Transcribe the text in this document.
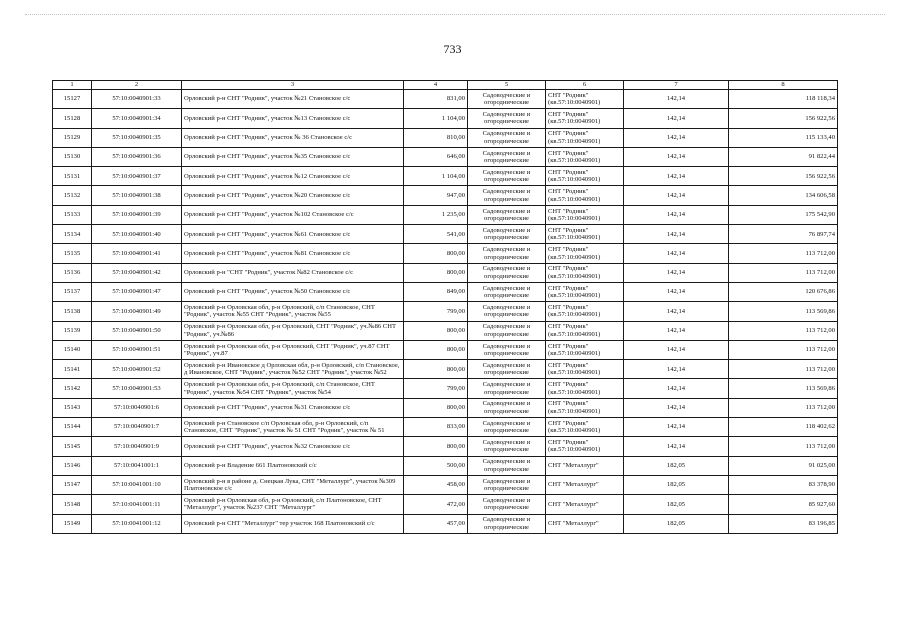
733
1	2	3	4	5	6	7	8
15127	57:10:0040901:33	Орловский р-н СНТ "Родник", участок №21 Становское с/с	831,00	Садоводческие и огороднические	СНТ "Родник" (кв.57:10:0040901)	142,14	118 118,34
15128	57:10:0040901:34	Орловский р-н СНТ "Родник", участок №13 Становское с/с	1 104,00	Садоводческие и огороднические	СНТ "Родник" (кв.57:10:0040901)	142,14	156 922,56
15129	57:10:0040901:35	Орловский р-н СНТ "Родник", участок № 36 Становское с/с	810,00	Садоводческие и огороднические	СНТ "Родник" (кв.57:10:0040901)	142,14	115 133,40
15130	57:10:0040901:36	Орловский р-н СНТ "Родник", участок №35 Становское с/с	646,00	Садоводческие и огороднические	СНТ "Родник" (кв.57:10:0040901)	142,14	91 822,44
15131	57:10:0040901:37	Орловский р-н СНТ "Родник", участок №12 Становское с/с	1 104,00	Садоводческие и огороднические	СНТ "Родник" (кв.57:10:0040901)	142,14	156 922,56
15132	57:10:0040901:38	Орловский р-н СНТ "Родник", участок №20 Становское с/с	947,00	Садоводческие и огороднические	СНТ "Родник" (кв.57:10:0040901)	142,14	134 606,58
15133	57:10:0040901:39	Орловский р-н СНТ "Родник", участок №102 Становское с/с	1 235,00	Садоводческие и огороднические	СНТ "Родник" (кв.57:10:0040901)	142,14	175 542,90
15134	57:10:0040901:40	Орловский р-н СНТ "Родник", участок №61 Становское с/с	541,00	Садоводческие и огороднические	СНТ "Родник" (кв.57:10:0040901)	142,14	76 897,74
15135	57:10:0040901:41	Орловский р-н СНТ "Родник", участок №81 Становское с/с	800,00	Садоводческие и огороднические	СНТ "Родник" (кв.57:10:0040901)	142,14	113 712,00
15136	57:10:0040901:42	Орловский р-н "СНТ "Родник", участок №82 Становское с/с	800,00	Садоводческие и огороднические	СНТ "Родник" (кв.57:10:0040901)	142,14	113 712,00
15137	57:10:0040901:47	Орловский р-н СНТ "Родник", участок №50 Становское с/с	849,00	Садоводческие и огороднические	СНТ "Родник" (кв.57:10:0040901)	142,14	120 676,86
15138	57:10:0040901:49	Орловский р-н Орловская обл, р-н Орловский, с/п Становское, СНТ "Родник", участок №55 СНТ "Родник", участок №55	799,00	Садоводческие и огороднические	СНТ "Родник" (кв.57:10:0040901)	142,14	113 569,86
15139	57:10:0040901:50	Орловский р-н Орловская обл, р-н Орловский, СНТ "Родник", уч.№86 СНТ "Родник", уч.№86	800,00	Садоводческие и огороднические	СНТ "Родник" (кв.57:10:0040901)	142,14	113 712,00
15140	57:10:0040901:51	Орловский р-н Орловская обл, р-н Орловский, СНТ "Родник", уч.87 СНТ "Родник", уч.87	800,00	Садоводческие и огороднические	СНТ "Родник" (кв.57:10:0040901)	142,14	113 712,00
15141	57:10:0040901:52	Орловский р-н Ивановское д Орловская обл, р-н Орловский, с/п Становское, д Ивановское, СНТ "Родник", участок №52 СНТ "Родник", участок №52	800,00	Садоводческие и огороднические	СНТ "Родник" (кв.57:10:0040901)	142,14	113 712,00
15142	57:10:0040901:53	Орловский р-н Орловская обл, р-н Орловский, с/п Становское, СНТ "Родник", участок №54 СНТ "Родник", участок №54	799,00	Садоводческие и огороднические	СНТ "Родник" (кв.57:10:0040901)	142,14	113 569,86
15143	57:10:0040901:6	Орловский р-н СНТ "Родник", участок №31 Становское с/с	800,00	Садоводческие и огороднические	СНТ "Родник" (кв.57:10:0040901)	142,14	113 712,00
15144	57:10:0040901:7	Орловский р-н Становское с/п Орловская обл, р-н Орловский, с/п Становское, СНТ "Родник", участок № 51 СНТ "Родник", участок № 51	833,00	Садоводческие и огороднические	СНТ "Родник" (кв.57:10:0040901)	142,14	118 402,62
15145	57:10:0040901:9	Орловский р-н СНТ "Родник", участок №32 Становское с/с	800,00	Садоводческие и огороднические	СНТ "Родник" (кв.57:10:0040901)	142,14	113 712,00
15146	57:10:0041001:1	Орловский р-н Владение 661 Платоновский с/с	500,00	Садоводческие и огороднические	СНТ "Металлург"	182,05	91 025,00
15147	57:10:0041001:10	Орловский р-н в районе д. Снецкая Лука, СНТ "Металлург", участок №309 Платоновское с/с	458,00	Садоводческие и огороднические	СНТ "Металлург"	182,05	83 378,90
15148	57:10:0041001:11	Орловский р-н Орловская обл, р-н Орловский, с/п Платоновское, СНТ "Металлург", участок №237 СНТ "Металлург"	472,00	Садоводческие и огороднические	СНТ "Металлург"	182,05	85 927,60
15149	57:10:0041001:12	Орловский р-н СНТ "Металлург" тер участок 168 Платоновский с/с	457,00	Садоводческие и огороднические	СНТ "Металлург"	182,05	83 196,85
